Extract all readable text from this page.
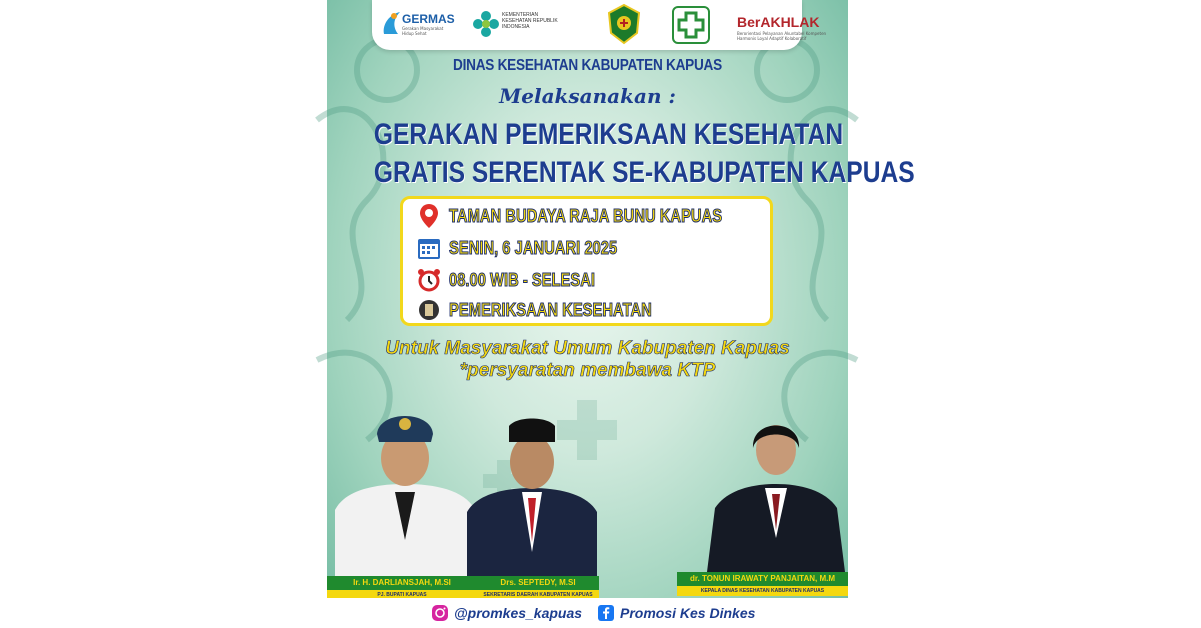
GERMAS
Gerakan Masyarakat Hidup Sehat
KEMENTERIAN KESEHATAN REPUBLIK INDONESIA	BerAKHLAK
Berorientasi Pelayanan Akuntabel Kompeten Harmonis Loyal Adaptif Kolaboratif
DINAS KESEHATAN KABUPATEN KAPUAS
Melaksanakan :
GERAKAN PEMERIKSAAN KESEHATAN
GRATIS SERENTAK SE-KABUPATEN KAPUAS
TAMAN BUDAYA RAJA BUNU KAPUAS
SENIN, 6 JANUARI 2025
08.00 WIB - SELESAI
PEMERIKSAAN KESEHATAN
Untuk Masyarakat Umum Kabupaten Kapuas
*persyaratan membawa KTP
Ir. H. DARLIANSJAH, M.SI
PJ. BUPATI KAPUAS
Drs. SEPTEDY, M.SI
SEKRETARIS DAERAH KABUPATEN KAPUAS
dr. TONUN IRAWATY PANJAITAN, M.M
KEPALA DINAS KESEHATAN KABUPATEN KAPUAS
@promkes_kapuas	Promosi Kes Dinkes
